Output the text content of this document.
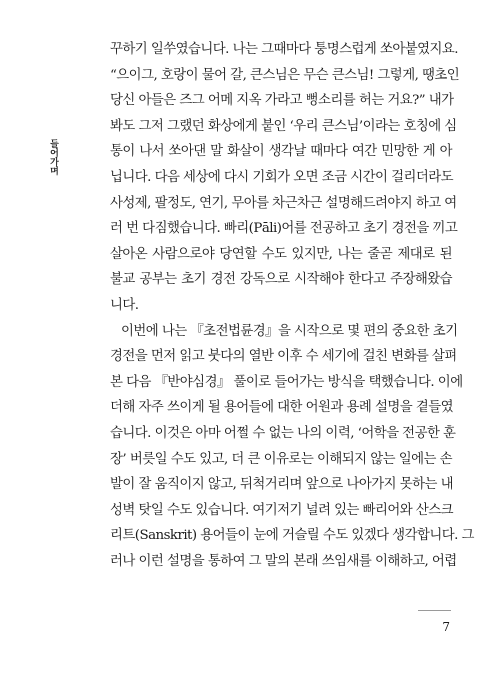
들어가며
꾸하기 일쑤였습니다. 나는 그때마다 퉁명스럽게 쏘아붙였지요.
“으이그, 호랑이 물어 갈, 큰스님은 무슨 큰스님! 그렇게, 땡초인
당신 아들은 즈그 어메 지옥 가라고 뻥소리를 허는 거요?” 내가
봐도 그저 그랬던 화상에게 붙인 ‘우리 큰스님’이라는 호칭에 심
통이 나서 쏘아댄 말 화살이 생각날 때마다 여간 민망한 게 아
닙니다. 다음 세상에 다시 기회가 오면 조금 시간이 걸리더라도
사성제, 팔정도, 연기, 무아를 차근차근 설명해드려야지 하고 여
러 번 다짐했습니다. 빠리(Pāli)어를 전공하고 초기 경전을 끼고
살아온 사람으로야 당연할 수도 있지만, 나는 줄곧 제대로 된
불교 공부는 초기 경전 강독으로 시작해야 한다고 주장해왔습
니다.
이번에 나는 『초전법륜경』을 시작으로 몇 편의 중요한 초기
경전을 먼저 읽고 붓다의 열반 이후 수 세기에 걸친 변화를 살펴
본 다음 『반야심경』 풀이로 들어가는 방식을 택했습니다. 이에
더해 자주 쓰이게 될 용어들에 대한 어원과 용례 설명을 곁들였
습니다. 이것은 아마 어쩔 수 없는 나의 이력, ‘어학을 전공한 훈
장’ 버릇일 수도 있고, 더 큰 이유로는 이해되지 않는 일에는 손
발이 잘 움직이지 않고, 뒤척거리며 앞으로 나아가지 못하는 내
성벽 탓일 수도 있습니다. 여기저기 널려 있는 빠리어와 산스크
리트(Sanskrit) 용어들이 눈에 거슬릴 수도 있겠다 생각합니다. 그
러나 이런 설명을 통하여 그 말의 본래 쓰임새를 이해하고, 어렵
7
